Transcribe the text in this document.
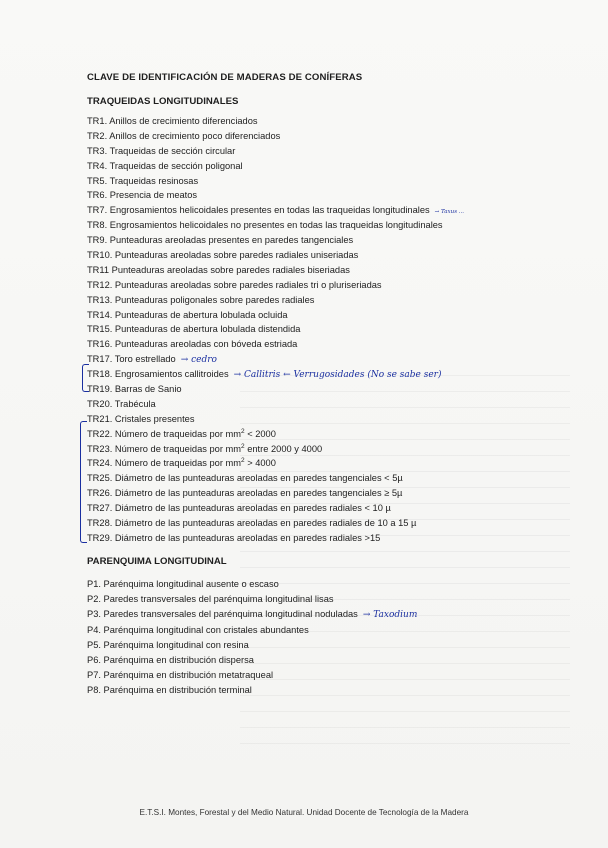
CLAVE DE IDENTIFICACIÓN DE MADERAS DE CONÍFERAS
TRAQUEIDAS LONGITUDINALES
TR1 . Anillos de crecimiento diferenciados
TR2 . Anillos de crecimiento poco diferenciados
TR3 . Traqueidas de sección circular
TR4 . Traqueidas de sección poligonal
TR5 . Traqueidas resinosas
TR6 . Presencia de meatos
TR7 . Engrosamientos helicoidales presentes en todas las traqueidas longitudinales → Taxus ...
TR8 . Engrosamientos helicoidales no presentes en todas las traqueidas longitudinales
TR9 . Punteaduras areoladas presentes en paredes tangenciales
TR10 . Punteaduras areoladas sobre paredes radiales uniseriadas
TR11 Punteaduras areoladas sobre paredes radiales biseriadas
TR12 . Punteaduras areoladas sobre paredes radiales tri o pluriseriadas
TR13 . Punteaduras poligonales sobre paredes radiales
TR14 . Punteaduras de abertura lobulada ocluida
TR15 . Punteaduras de abertura lobulada distendida
TR16 . Punteaduras areoladas con bóveda estriada
TR17 . Toro estrellado → cedro
TR18 . Engrosamientos callitroides → Callitris ← Verrugosidades (No se sabe ser)
TR19 . Barras de Sanio
TR20 . Trabécula
TR21 . Cristales presentes
TR22 . Número de traqueidas por $mm^2 < 2000$
TR23 . Número de traqueidas por $mm^2$ entre 2000 y 4000
TR24 . Número de traqueidas por $mm^2 > 4000$
TR25 . Diámetro de las punteaduras areoladas en paredes tangenciales < 5µ
TR26 . Diámetro de las punteaduras areoladas en paredes tangenciales ≥ 5µ
TR27 . Diámetro de las punteaduras areoladas en paredes radiales < 10 µ
TR28 . Diámetro de las punteaduras areoladas en paredes radiales de 10 a 15 µ
TR29 . Diámetro de las punteaduras areoladas en paredes radiales >15
PARENQUIMA LONGITUDINAL
P1 . Parénquima longitudinal ausente o escaso
P2 . Paredes transversales del parénquima longitudinal lisas
P3 . Paredes transversales del parénquima longitudinal noduladas → Taxodium
P4 . Parénquima longitudinal con cristales abundantes
P5 . Parénquima longitudinal con resina
P6 . Parénquima en distribución dispersa
P7 . Parénquima en distribución metatraqueal
P8 . Parénquima en distribución terminal
E.T.S.I. Montes, Forestal y del Medio Natural. Unidad Docente de Tecnología de la Madera
